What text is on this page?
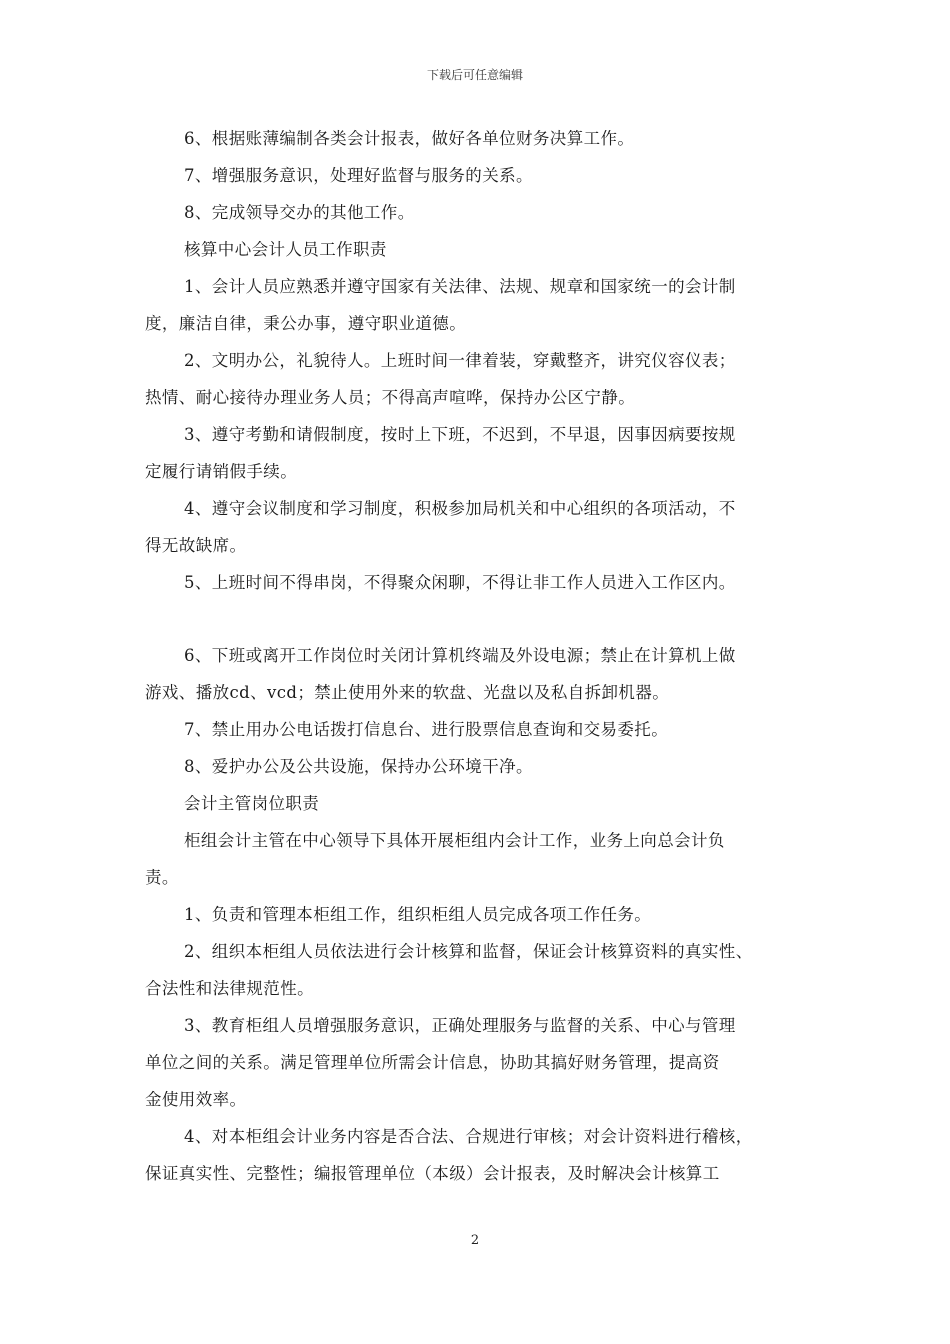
下载后可任意编辑
6、根据账薄编制各类会计报表，做好各单位财务决算工作。
7、增强服务意识，处理好监督与服务的关系。
8、完成领导交办的其他工作。
核算中心会计人员工作职责
1、会计人员应熟悉并遵守国家有关法律、法规、规章和国家统一的会计制
度，廉洁自律，秉公办事，遵守职业道德。
2、文明办公，礼貌待人。上班时间一律着装，穿戴整齐，讲究仪容仪表；
热情、耐心接待办理业务人员；不得高声喧哗，保持办公区宁静。
3、遵守考勤和请假制度，按时上下班，不迟到，不早退，因事因病要按规
定履行请销假手续。
4、遵守会议制度和学习制度，积极参加局机关和中心组织的各项活动，不
得无故缺席。
5、上班时间不得串岗，不得聚众闲聊，不得让非工作人员进入工作区内。
6、下班或离开工作岗位时关闭计算机终端及外设电源；禁止在计算机上做
游戏、播放cd、vcd；禁止使用外来的软盘、光盘以及私自拆卸机器。
7、禁止用办公电话拨打信息台、进行股票信息查询和交易委托。
8、爱护办公及公共设施，保持办公环境干净。
会计主管岗位职责
柜组会计主管在中心领导下具体开展柜组内会计工作，业务上向总会计负
责。
1、负责和管理本柜组工作，组织柜组人员完成各项工作任务。
2、组织本柜组人员依法进行会计核算和监督，保证会计核算资料的真实性、
合法性和法律规范性。
3、教育柜组人员增强服务意识，正确处理服务与监督的关系、中心与管理
单位之间的关系。满足管理单位所需会计信息，协助其搞好财务管理，提高资
金使用效率。
4、对本柜组会计业务内容是否合法、合规进行审核；对会计资料进行稽核，
保证真实性、完整性；编报管理单位（本级）会计报表，及时解决会计核算工
2
